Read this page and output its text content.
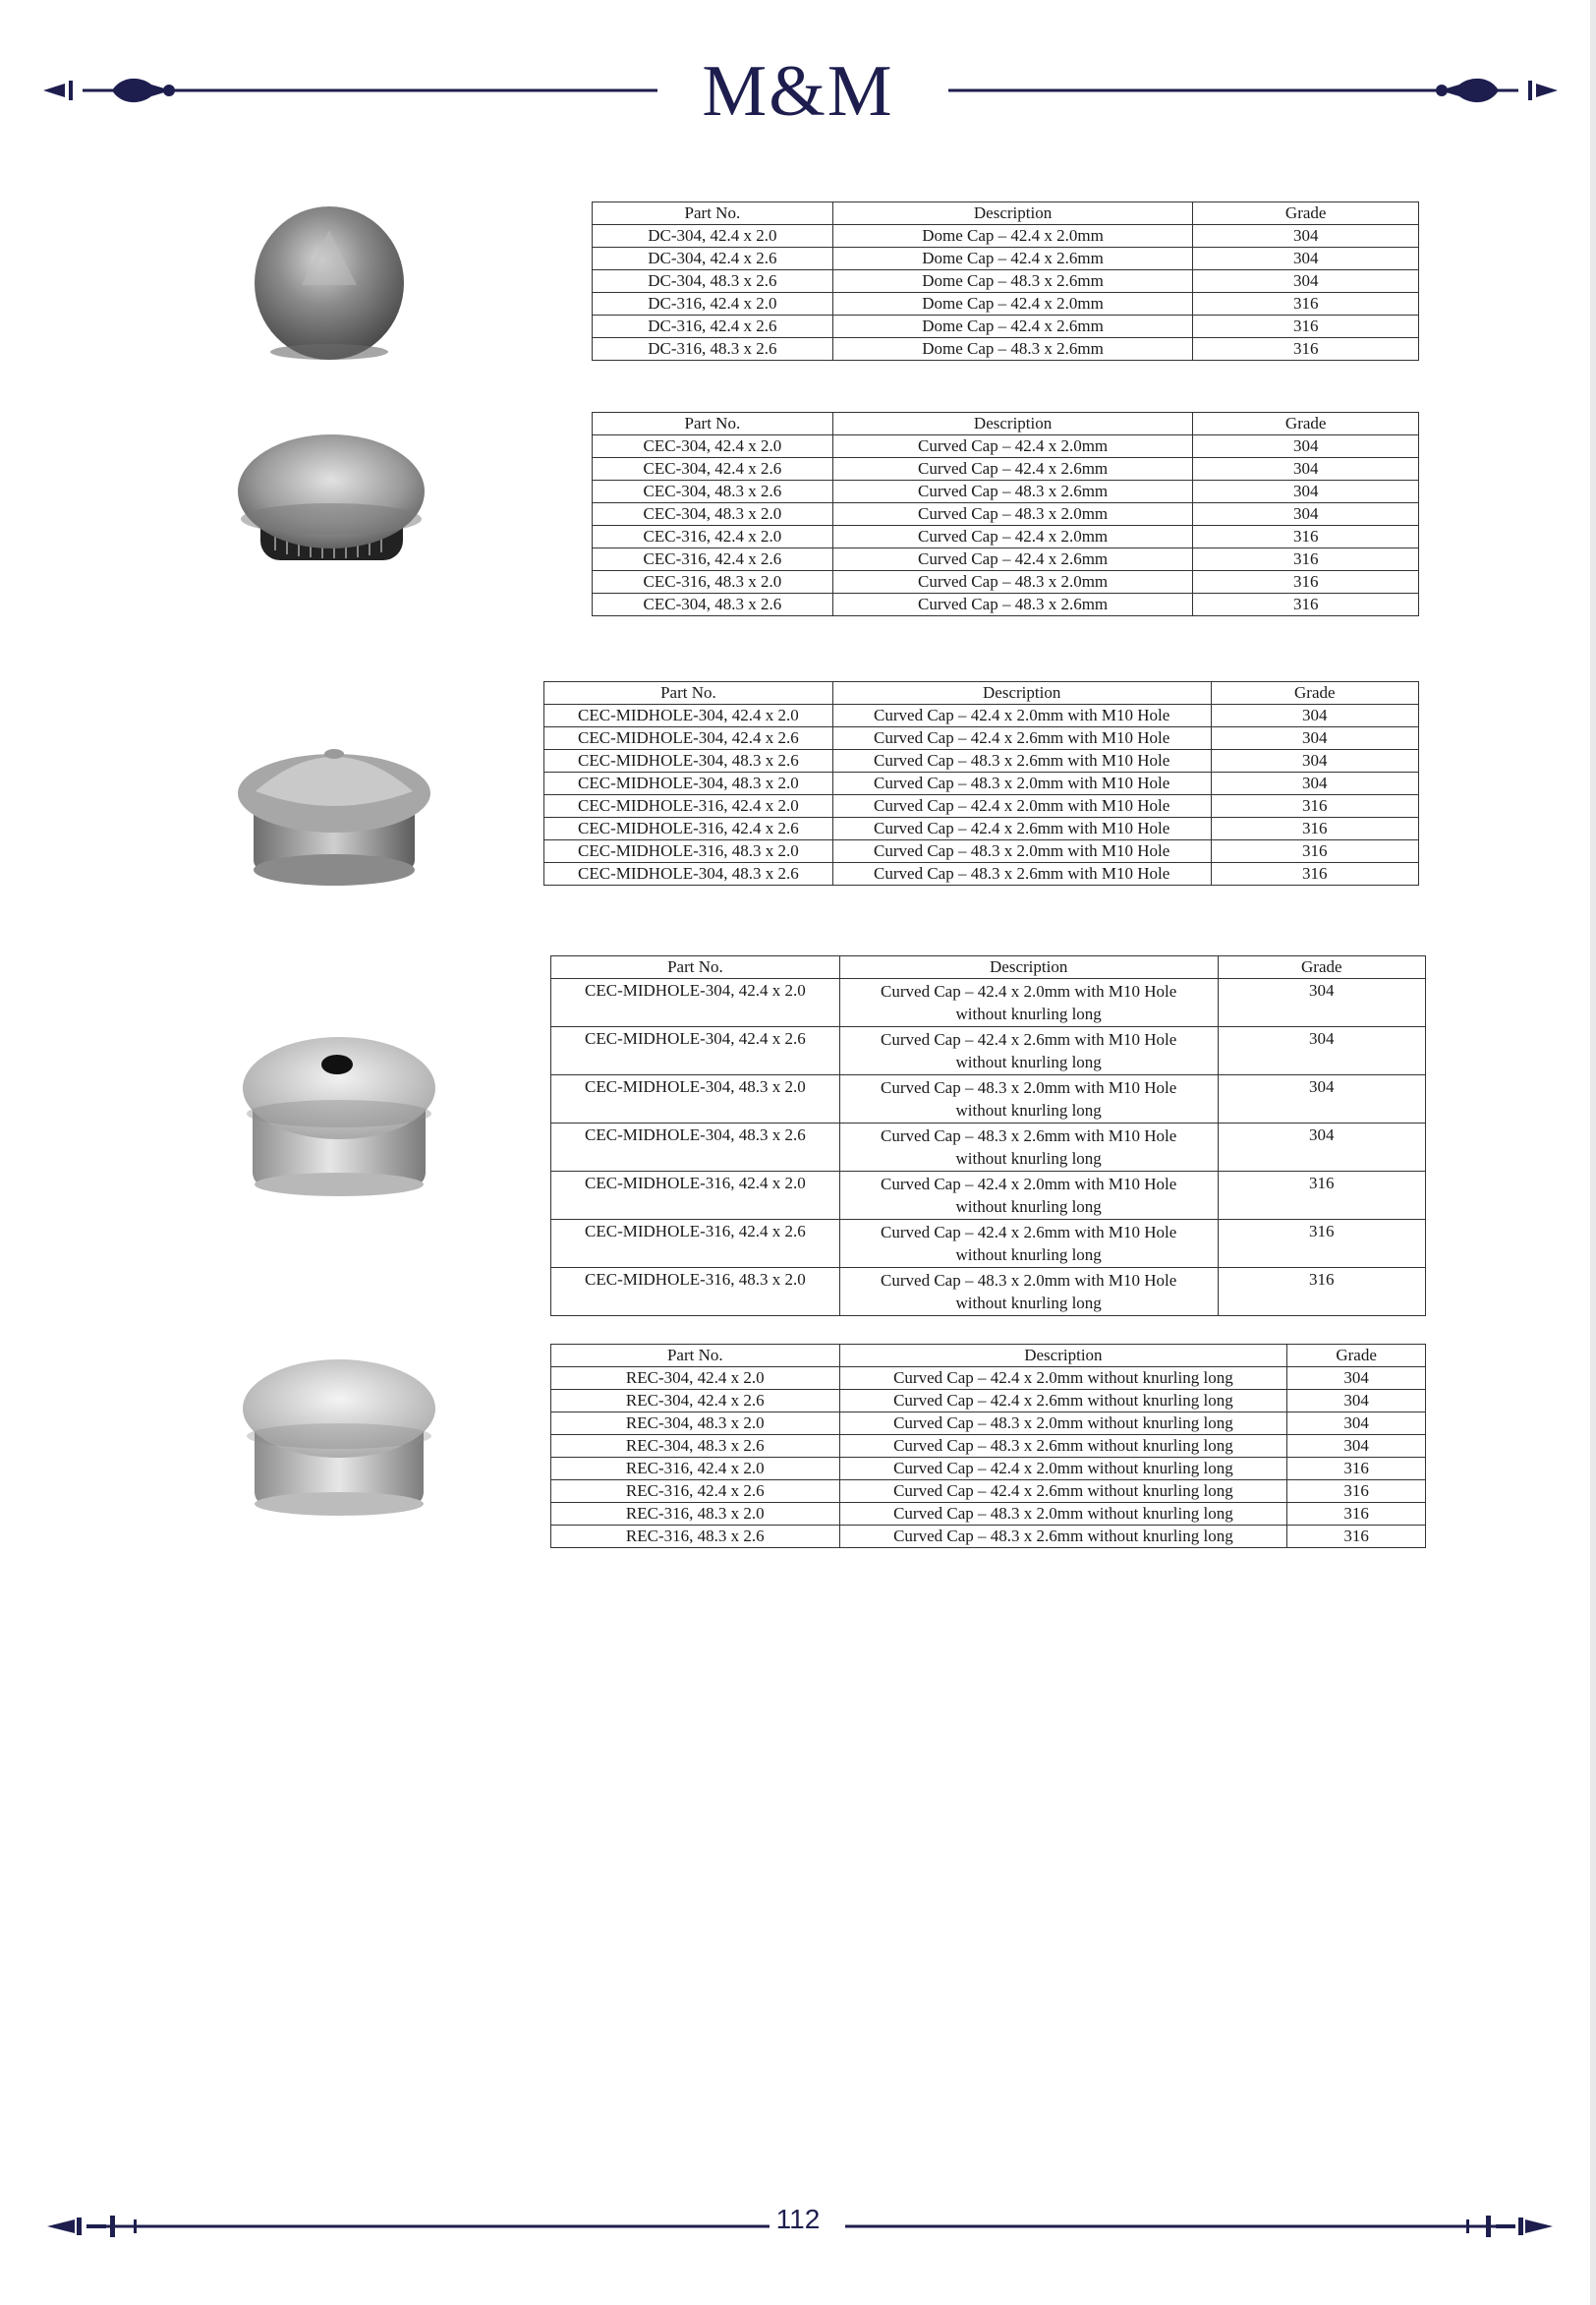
M&M
Part No.	Description	Grade
DC-304, 42.4 x 2.0	Dome Cap – 42.4 x 2.0mm	304
DC-304, 42.4 x 2.6	Dome Cap – 42.4 x 2.6mm	304
DC-304, 48.3 x 2.6	Dome Cap – 48.3 x 2.6mm	304
DC-316, 42.4 x 2.0	Dome Cap – 42.4 x 2.0mm	316
DC-316, 42.4 x 2.6	Dome Cap – 42.4 x 2.6mm	316
DC-316, 48.3 x 2.6	Dome Cap – 48.3 x 2.6mm	316
Part No.	Description	Grade
CEC-304, 42.4 x 2.0	Curved Cap – 42.4 x 2.0mm	304
CEC-304, 42.4 x 2.6	Curved Cap – 42.4 x 2.6mm	304
CEC-304, 48.3 x 2.6	Curved Cap – 48.3 x 2.6mm	304
CEC-304, 48.3 x 2.0	Curved Cap – 48.3 x 2.0mm	304
CEC-316, 42.4 x 2.0	Curved Cap – 42.4 x 2.0mm	316
CEC-316, 42.4 x 2.6	Curved Cap – 42.4 x 2.6mm	316
CEC-316, 48.3 x 2.0	Curved Cap – 48.3 x 2.0mm	316
CEC-304, 48.3 x 2.6	Curved Cap – 48.3 x 2.6mm	316
Part No.	Description	Grade
CEC-MIDHOLE-304, 42.4 x 2.0	Curved Cap – 42.4 x 2.0mm with M10 Hole	304
CEC-MIDHOLE-304, 42.4 x 2.6	Curved Cap – 42.4 x 2.6mm with M10 Hole	304
CEC-MIDHOLE-304, 48.3 x 2.6	Curved Cap – 48.3 x 2.6mm with M10 Hole	304
CEC-MIDHOLE-304, 48.3 x 2.0	Curved Cap – 48.3 x 2.0mm with M10 Hole	304
CEC-MIDHOLE-316, 42.4 x 2.0	Curved Cap – 42.4 x 2.0mm with M10 Hole	316
CEC-MIDHOLE-316, 42.4 x 2.6	Curved Cap – 42.4 x 2.6mm with M10 Hole	316
CEC-MIDHOLE-316, 48.3 x 2.0	Curved Cap – 48.3 x 2.0mm with M10 Hole	316
CEC-MIDHOLE-304, 48.3 x 2.6	Curved Cap – 48.3 x 2.6mm with M10 Hole	316
Part No.	Description	Grade
CEC-MIDHOLE-304, 42.4 x 2.0	Curved Cap – 42.4 x 2.0mm with M10 Hole
without knurling long	304
CEC-MIDHOLE-304, 42.4 x 2.6	Curved Cap – 42.4 x 2.6mm with M10 Hole
without knurling long	304
CEC-MIDHOLE-304, 48.3 x 2.0	Curved Cap – 48.3 x 2.0mm with M10 Hole
without knurling long	304
CEC-MIDHOLE-304, 48.3 x 2.6	Curved Cap – 48.3 x 2.6mm with M10 Hole
without knurling long	304
CEC-MIDHOLE-316, 42.4 x 2.0	Curved Cap – 42.4 x 2.0mm with M10 Hole
without knurling long	316
CEC-MIDHOLE-316, 42.4 x 2.6	Curved Cap – 42.4 x 2.6mm with M10 Hole
without knurling long	316
CEC-MIDHOLE-316, 48.3 x 2.0	Curved Cap – 48.3 x 2.0mm with M10 Hole
without knurling long	316
Part No.	Description	Grade
REC-304, 42.4 x 2.0	Curved Cap – 42.4 x 2.0mm without knurling long	304
REC-304, 42.4 x 2.6	Curved Cap – 42.4 x 2.6mm without knurling long	304
REC-304, 48.3 x 2.0	Curved Cap – 48.3 x 2.0mm without knurling long	304
REC-304, 48.3 x 2.6	Curved Cap – 48.3 x 2.6mm without knurling long	304
REC-316, 42.4 x 2.0	Curved Cap – 42.4 x 2.0mm without knurling long	316
REC-316, 42.4 x 2.6	Curved Cap – 42.4 x 2.6mm without knurling long	316
REC-316, 48.3 x 2.0	Curved Cap – 48.3 x 2.0mm without knurling long	316
REC-316, 48.3 x 2.6	Curved Cap – 48.3 x 2.6mm without knurling long	316
112
